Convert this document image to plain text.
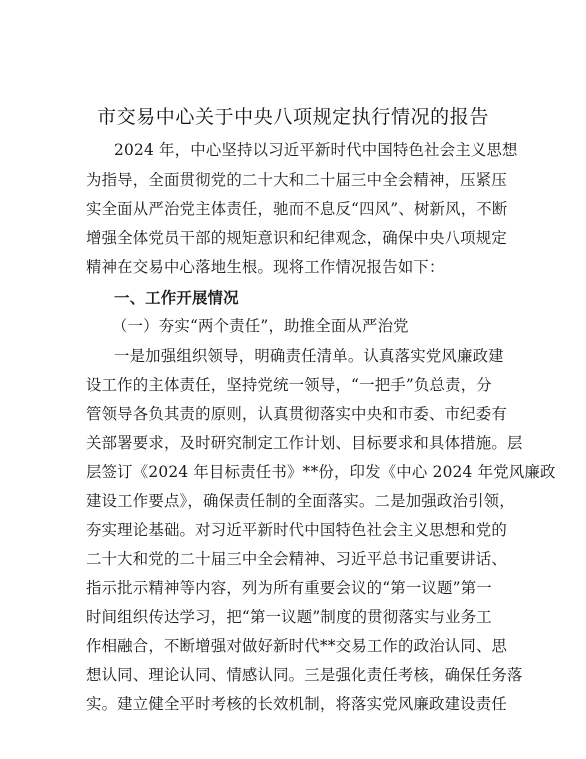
市交易中心关于中央八项规定执行情况的报告
2024 年，中心坚持以习近平新时代中国特色社会主义思想
为指导，全面贯彻党的二十大和二十届三中全会精神，压紧压
实全面从严治党主体责任，驰而不息反“四风”、树新风，不断
增强全体党员干部的规矩意识和纪律观念，确保中央八项规定
精神在交易中心落地生根。现将工作情况报告如下：
一、工作开展情况
（一）夯实“两个责任”，助推全面从严治党
一是加强组织领导，明确责任清单。认真落实党风廉政建
设工作的主体责任，坚持党统一领导，“一把手”负总责，分
管领导各负其责的原则，认真贯彻落实中央和市委、市纪委有
关部署要求，及时研究制定工作计划、目标要求和具体措施。层
层签订《2024 年目标责任书》**份，印发《中心 2024 年党风廉政
建设工作要点》，确保责任制的全面落实。二是加强政治引领，
夯实理论基础。对习近平新时代中国特色社会主义思想和党的
二十大和党的二十届三中全会精神、习近平总书记重要讲话、
指示批示精神等内容，列为所有重要会议的“第一议题”第一
时间组织传达学习，把“第一议题”制度的贯彻落实与业务工
作相融合，不断增强对做好新时代**交易工作的政治认同、思
想认同、理论认同、情感认同。三是强化责任考核，确保任务落
实。建立健全平时考核的长效机制，将落实党风廉政建设责任
